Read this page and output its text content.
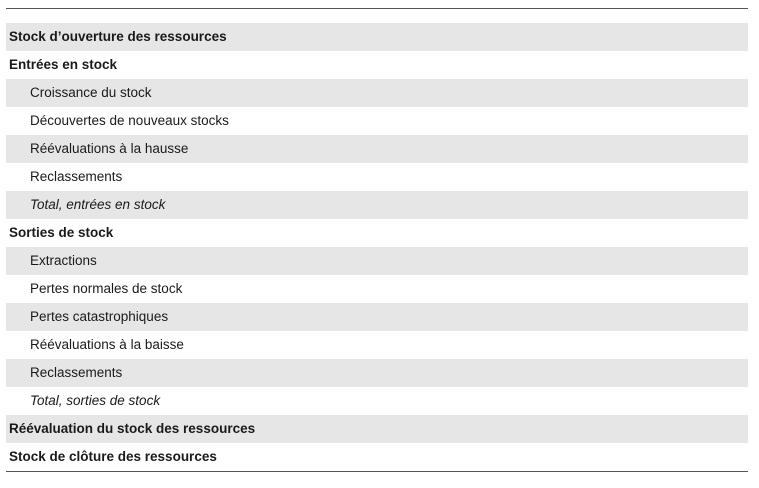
Stock d’ouverture des ressources
Entrées en stock
Croissance du stock
Découvertes de nouveaux stocks
Réévaluations à la hausse
Reclassements
Total, entrées en stock
Sorties de stock
Extractions
Pertes normales de stock
Pertes catastrophiques
Réévaluations à la baisse
Reclassements
Total, sorties de stock
Réévaluation du stock des ressources
Stock de clôture des ressources
